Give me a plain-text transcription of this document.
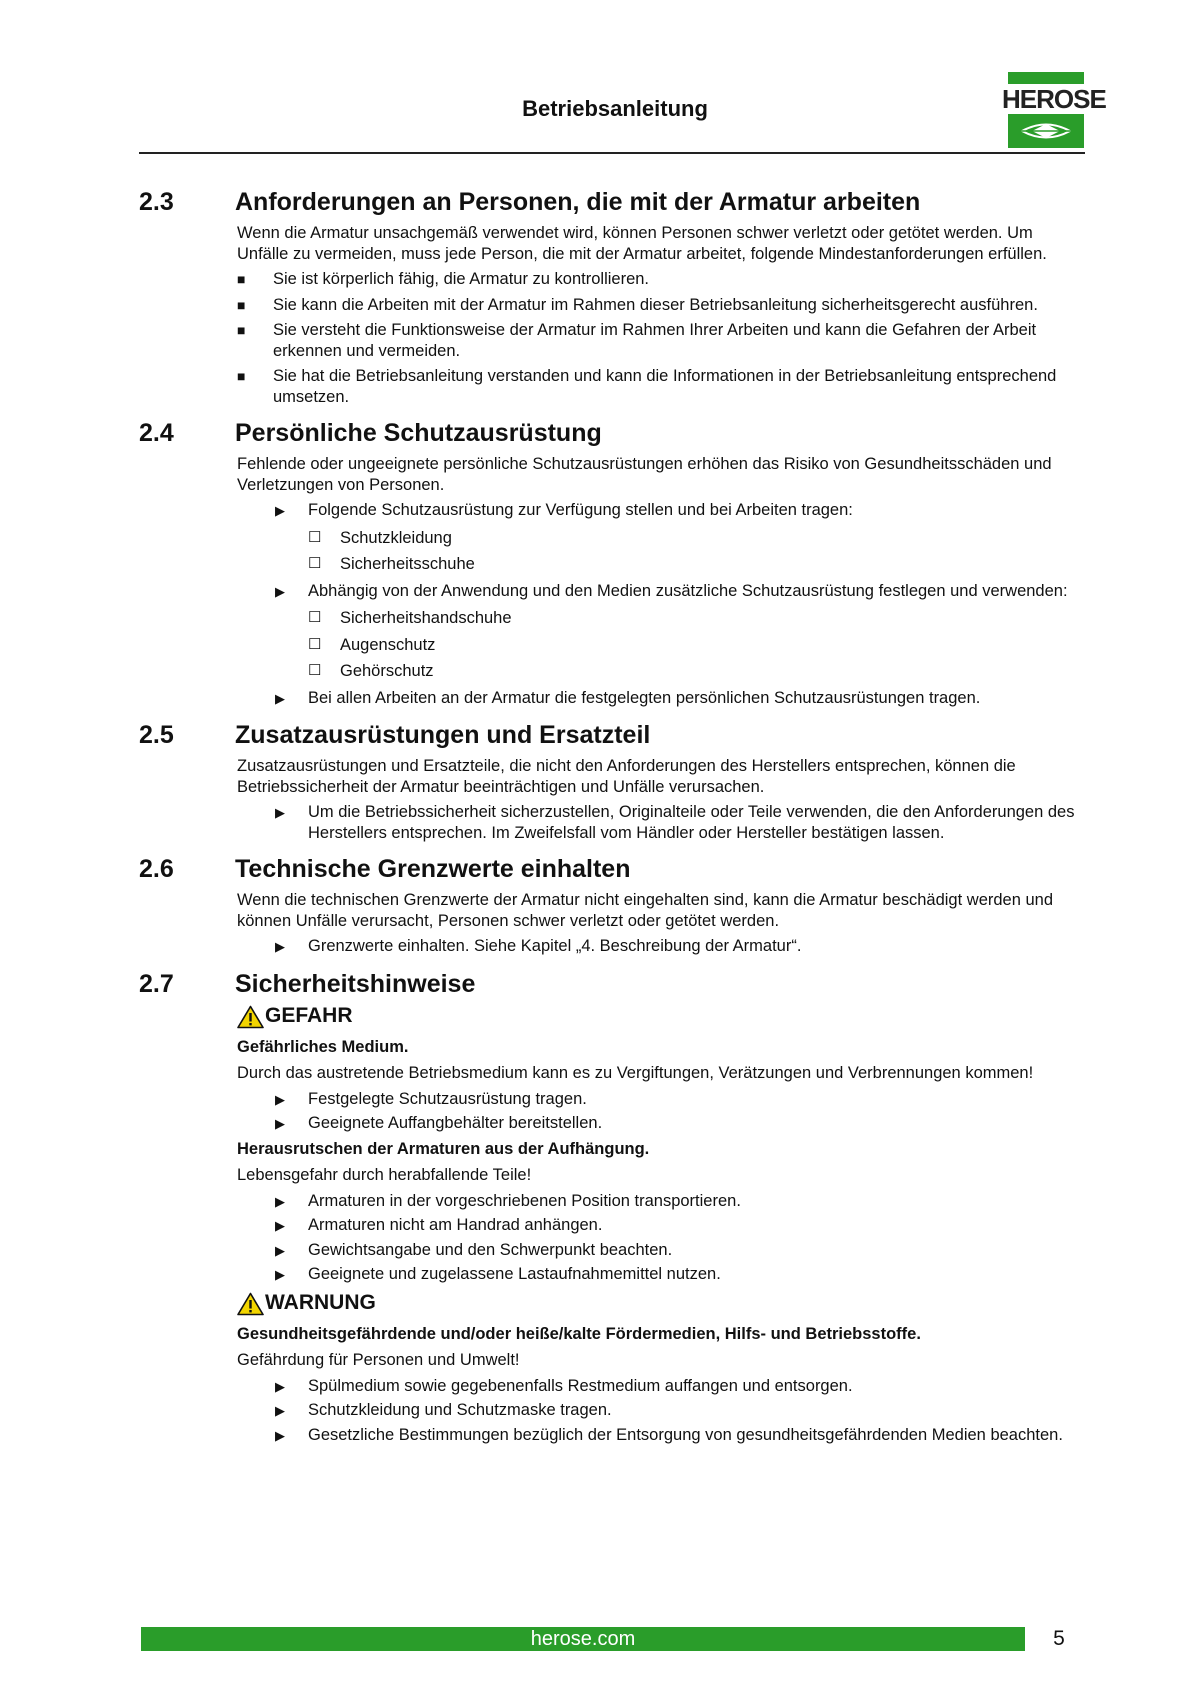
Betriebsanleitung	HEROSE
2.3	Anforderungen an Personen, die mit der Armatur arbeiten

Wenn die Armatur unsachgemäß verwendet wird, können Personen schwer verletzt oder getötet werden. Um Unfälle zu vermeiden, muss jede Person, die mit der Armatur arbeitet, folgende Mindestanforderungen erfüllen.

■	Sie ist körperlich fähig, die Armatur zu kontrollieren.
■	Sie kann die Arbeiten mit der Armatur im Rahmen dieser Betriebsanleitung sicherheitsgerecht ausführen.
■	Sie versteht die Funktionsweise der Armatur im Rahmen Ihrer Arbeiten und kann die Gefahren der Arbeit erkennen und vermeiden.
■	Sie hat die Betriebsanleitung verstanden und kann die Informationen in der Betriebsanleitung entsprechend umsetzen.
2.4	Persönliche Schutzausrüstung

Fehlende oder ungeeignete persönliche Schutzausrüstungen erhöhen das Risiko von Gesundheitsschäden und Verletzungen von Personen.

▶	Folgende Schutzausrüstung zur Verfügung stellen und bei Arbeiten tragen:
☐	Schutzkleidung
☐	Sicherheitsschuhe
▶	Abhängig von der Anwendung und den Medien zusätzliche Schutzausrüstung festlegen und verwenden:
☐	Sicherheitshandschuhe
☐	Augenschutz
☐	Gehörschutz
▶	Bei allen Arbeiten an der Armatur die festgelegten persönlichen Schutzausrüstungen tragen.
2.5	Zusatzausrüstungen und Ersatzteil

Zusatzausrüstungen und Ersatzteile, die nicht den Anforderungen des Herstellers entsprechen, können die Betriebssicherheit der Armatur beeinträchtigen und Unfälle verursachen.

▶	Um die Betriebssicherheit sicherzustellen, Originalteile oder Teile verwenden, die den Anforderungen des Herstellers entsprechen. Im Zweifelsfall vom Händler oder Hersteller bestätigen lassen.
2.6	Technische Grenzwerte einhalten

Wenn die technischen Grenzwerte der Armatur nicht eingehalten sind, kann die Armatur beschädigt werden und können Unfälle verursacht, Personen schwer verletzt oder getötet werden.

▶	Grenzwerte einhalten. Siehe Kapitel „4. Beschreibung der Armatur“.
2.7	Sicherheitshinweise
GEFAHR
Gefährliches Medium.

Durch das austretende Betriebsmedium kann es zu Vergiftungen, Verätzungen und Verbrennungen kommen!

▶	Festgelegte Schutzausrüstung tragen.
▶	Geeignete Auffangbehälter bereitstellen.
Herausrutschen der Armaturen aus der Aufhängung.

Lebensgefahr durch herabfallende Teile!

▶	Armaturen in der vorgeschriebenen Position transportieren.
▶	Armaturen nicht am Handrad anhängen.
▶	Gewichtsangabe und den Schwerpunkt beachten.
▶	Geeignete und zugelassene Lastaufnahmemittel nutzen.
WARNUNG
Gesundheitsgefährdende und/oder heiße/kalte Fördermedien, Hilfs- und Betriebsstoffe.

Gefährdung für Personen und Umwelt!

▶	Spülmedium sowie gegebenenfalls Restmedium auffangen und entsorgen.
▶	Schutzkleidung und Schutzmaske tragen.
▶	Gesetzliche Bestimmungen bezüglich der Entsorgung von gesundheitsgefährdenden Medien beachten.
herose.com	5
